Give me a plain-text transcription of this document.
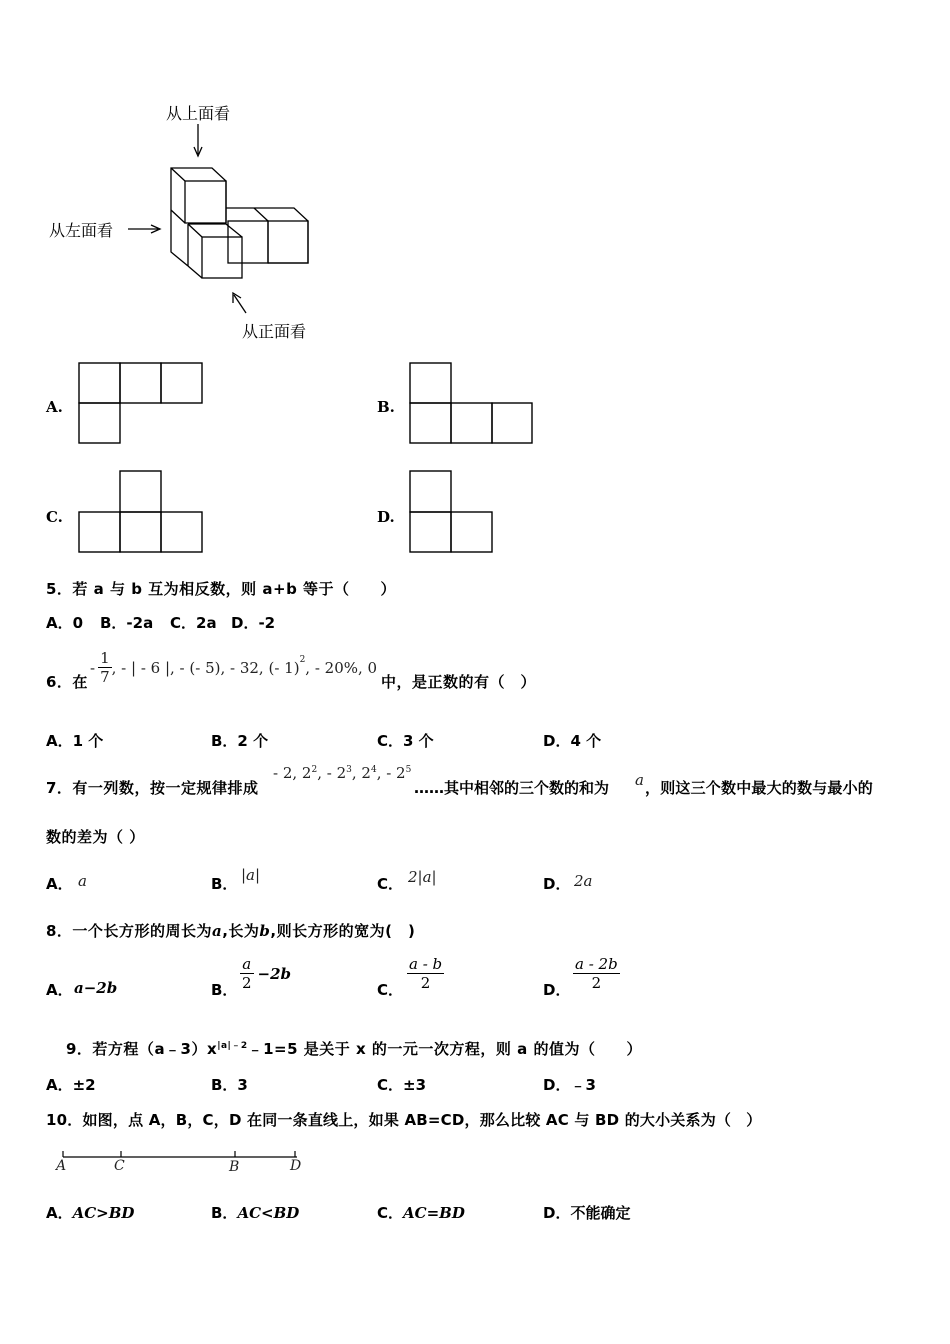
从上面看
从左面看
从正面看
A.	B.
C.	D.
5．若 a 与 b 互为相反数，则 a+b 等于（　　）
A．0 B．-2a C．2a D．-2
6．在
- $\frac{1}{7}$ , - | - 6 |, - (- 5), - 32, (- 1)$^2$ , - 20%, 0
中，是正数的有（　）
A．1 个	B．2 个	C．3 个	D．4 个
7．有一列数，按一定规律排成
- 2, $2^2$, - $2^3$, $2^4$, - $2^5$
……其中相邻的三个数的和为 a ，则这三个数中最大的数与最小的
数的差为（ ）
A． a	B． |a|	C． 2|a|	D． 2a
8．一个长方形的周长为a,长为b,则长方形的宽为(　)
A． a−2b	B． $\frac{a}{2} -2b$
C． $\frac{a - b}{2}$	D． $\frac{a - 2b}{2}$
9．若方程$(a﹣3)x^{|a|﹣2}﹣1=5$ 是关于 x 的一元一次方程，则 a 的值为（　　）
A．±2	B．3	C．±3	D．﹣3
10．如图，点 A，B，C，D 在同一条直线上，如果 AB=CD，那么比较 AC 与 BD 的大小关系为（　）
A	C	B	D
A．AC>BD	B．AC<BD	C．AC=BD	D．不能确定
